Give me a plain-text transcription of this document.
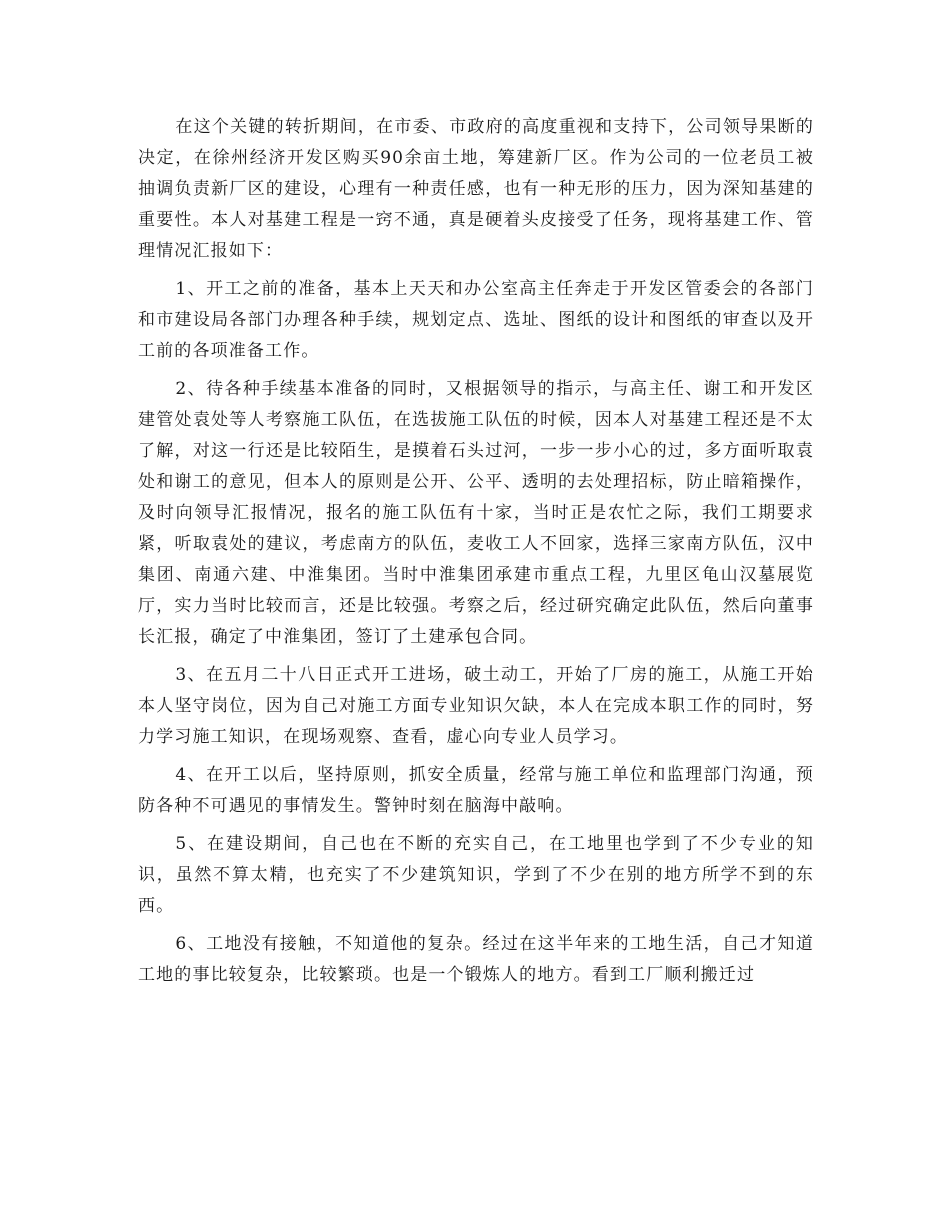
在这个关键的转折期间，在市委、市政府的高度重视和支持下，公司领导果断的决定，在徐州经济开发区购买90余亩土地，筹建新厂区。作为公司的一位老员工被抽调负责新厂区的建设，心理有一种责任感，也有一种无形的压力，因为深知基建的重要性。本人对基建工程是一窍不通，真是硬着头皮接受了任务，现将基建工作、管理情况汇报如下：

1、开工之前的准备，基本上天天和办公室高主任奔走于开发区管委会的各部门和市建设局各部门办理各种手续，规划定点、选址、图纸的设计和图纸的审查以及开工前的各项准备工作。

2、待各种手续基本准备的同时，又根据领导的指示，与高主任、谢工和开发区建管处袁处等人考察施工队伍，在选拔施工队伍的时候，因本人对基建工程还是不太了解，对这一行还是比较陌生，是摸着石头过河，一步一步小心的过，多方面听取袁处和谢工的意见，但本人的原则是公开、公平、透明的去处理招标，防止暗箱操作，及时向领导汇报情况，报名的施工队伍有十家，当时正是农忙之际，我们工期要求紧，听取袁处的建议，考虑南方的队伍，麦收工人不回家，选择三家南方队伍，汉中集团、南通六建、中淮集团。当时中淮集团承建市重点工程，九里区龟山汉墓展览厅，实力当时比较而言，还是比较强。考察之后，经过研究确定此队伍，然后向董事长汇报，确定了中淮集团，签订了土建承包合同。

3、在五月二十八日正式开工进场，破土动工，开始了厂房的施工，从施工开始本人坚守岗位，因为自己对施工方面专业知识欠缺，本人在完成本职工作的同时，努力学习施工知识，在现场观察、查看，虚心向专业人员学习。

4、在开工以后，坚持原则，抓安全质量，经常与施工单位和监理部门沟通，预防各种不可遇见的事情发生。警钟时刻在脑海中敲响。

5、在建设期间，自己也在不断的充实自己，在工地里也学到了不少专业的知识，虽然不算太精，也充实了不少建筑知识，学到了不少在别的地方所学不到的东西。

6、工地没有接触，不知道他的复杂。经过在这半年来的工地生活，自己才知道工地的事比较复杂，比较繁琐。也是一个锻炼人的地方。看到工厂顺利搬迁过
